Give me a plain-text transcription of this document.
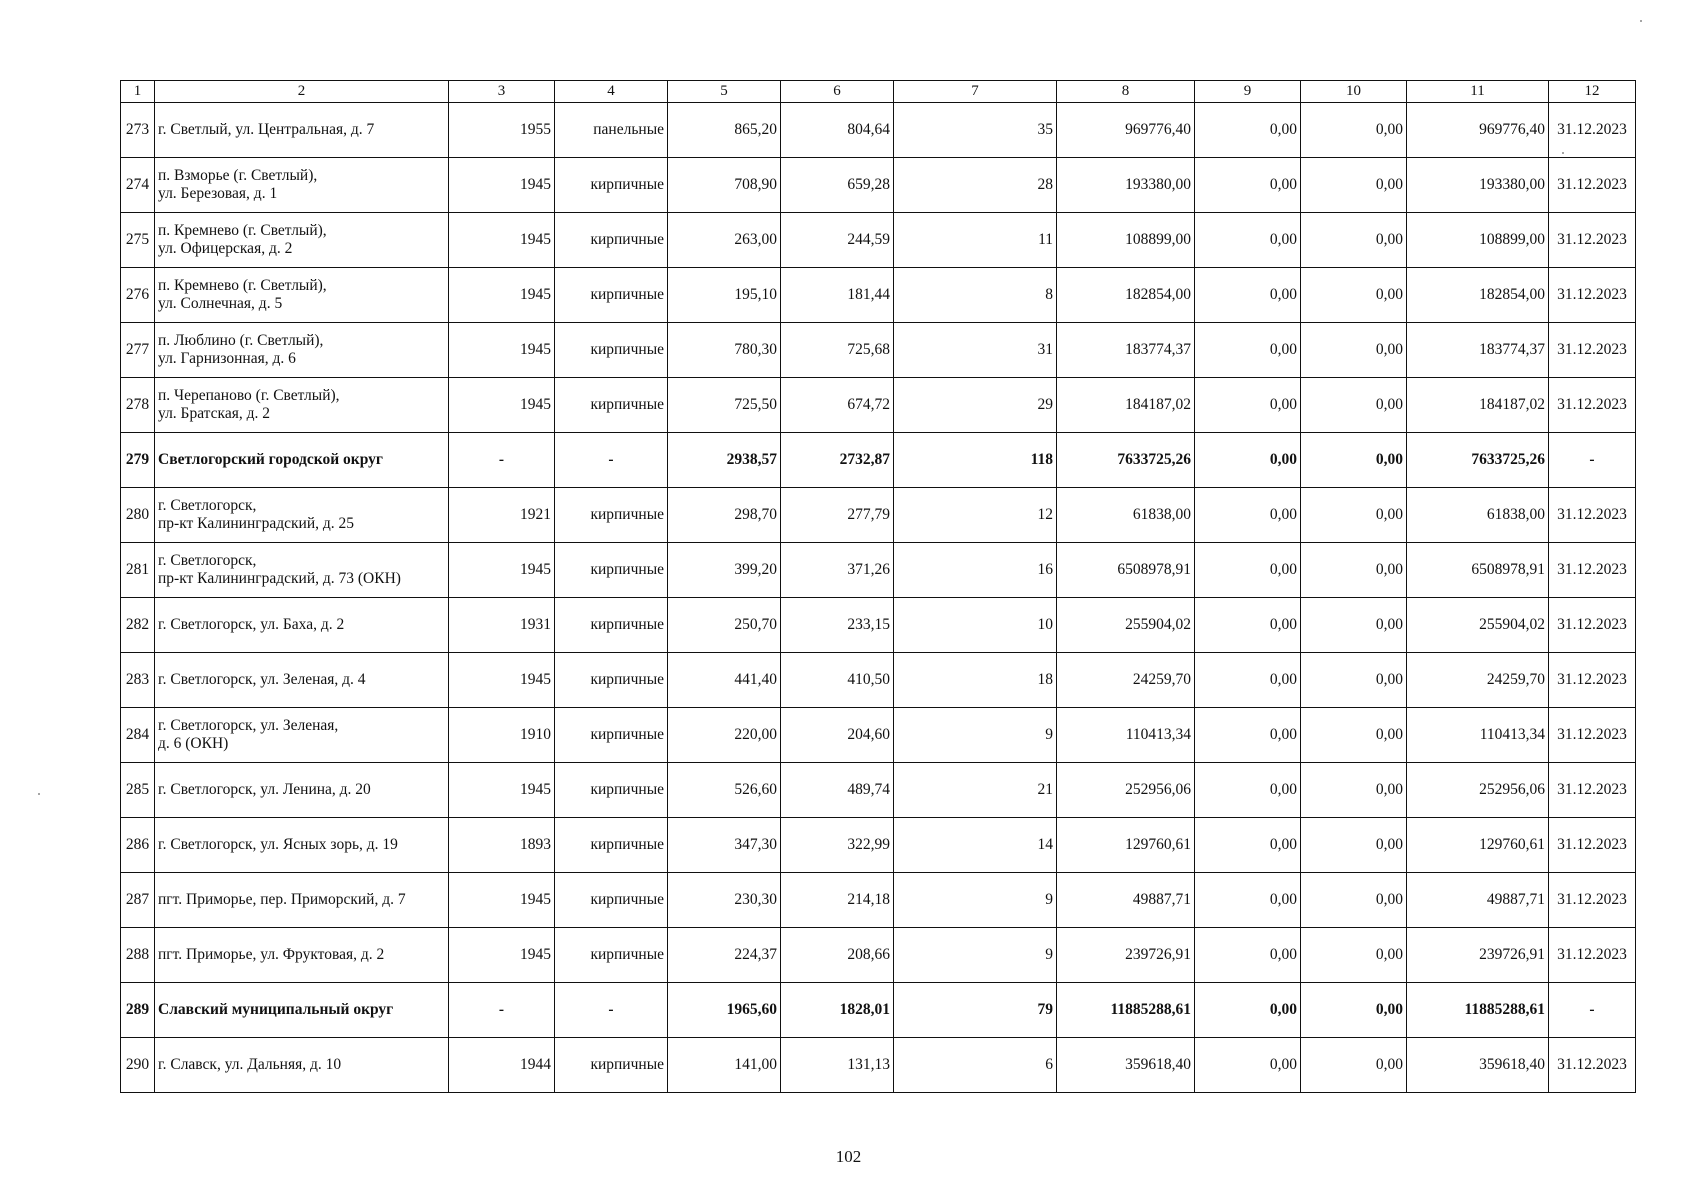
1	2	3	4	5	6	7	8	9	10	11	12
273	г. Светлый, ул. Центральная, д. 7	1955	панельные	865,20	804,64	35	969776,40	0,00	0,00	969776,40	31.12.2023
274	п. Взморье (г. Светлый),
ул. Березовая, д. 1	1945	кирпичные	708,90	659,28	28	193380,00	0,00	0,00	193380,00	31.12.2023
275	п. Кремнево (г. Светлый),
ул. Офицерская, д. 2	1945	кирпичные	263,00	244,59	11	108899,00	0,00	0,00	108899,00	31.12.2023
276	п. Кремнево (г. Светлый),
ул. Солнечная, д. 5	1945	кирпичные	195,10	181,44	8	182854,00	0,00	0,00	182854,00	31.12.2023
277	п. Люблино (г. Светлый),
ул. Гарнизонная, д. 6	1945	кирпичные	780,30	725,68	31	183774,37	0,00	0,00	183774,37	31.12.2023
278	п. Черепаново (г. Светлый),
ул. Братская, д. 2	1945	кирпичные	725,50	674,72	29	184187,02	0,00	0,00	184187,02	31.12.2023
279	Светлогорский городской округ	-	-	2938,57	2732,87	118	7633725,26	0,00	0,00	7633725,26	-
280	г. Светлогорск,
пр-кт Калининградский, д. 25	1921	кирпичные	298,70	277,79	12	61838,00	0,00	0,00	61838,00	31.12.2023
281	г. Светлогорск,
пр-кт Калининградский, д. 73 (ОКН)	1945	кирпичные	399,20	371,26	16	6508978,91	0,00	0,00	6508978,91	31.12.2023
282	г. Светлогорск, ул. Баха, д. 2	1931	кирпичные	250,70	233,15	10	255904,02	0,00	0,00	255904,02	31.12.2023
283	г. Светлогорск, ул. Зеленая, д. 4	1945	кирпичные	441,40	410,50	18	24259,70	0,00	0,00	24259,70	31.12.2023
284	г. Светлогорск, ул. Зеленая,
д. 6 (ОКН)	1910	кирпичные	220,00	204,60	9	110413,34	0,00	0,00	110413,34	31.12.2023
285	г. Светлогорск, ул. Ленина, д. 20	1945	кирпичные	526,60	489,74	21	252956,06	0,00	0,00	252956,06	31.12.2023
286	г. Светлогорск, ул. Ясных зорь, д. 19	1893	кирпичные	347,30	322,99	14	129760,61	0,00	0,00	129760,61	31.12.2023
287	пгт. Приморье, пер. Приморский, д. 7	1945	кирпичные	230,30	214,18	9	49887,71	0,00	0,00	49887,71	31.12.2023
288	пгт. Приморье, ул. Фруктовая, д. 2	1945	кирпичные	224,37	208,66	9	239726,91	0,00	0,00	239726,91	31.12.2023
289	Славский муниципальный округ	-	-	1965,60	1828,01	79	11885288,61	0,00	0,00	11885288,61	-
290	г. Славск, ул. Дальняя, д. 10	1944	кирпичные	141,00	131,13	6	359618,40	0,00	0,00	359618,40	31.12.2023
102
